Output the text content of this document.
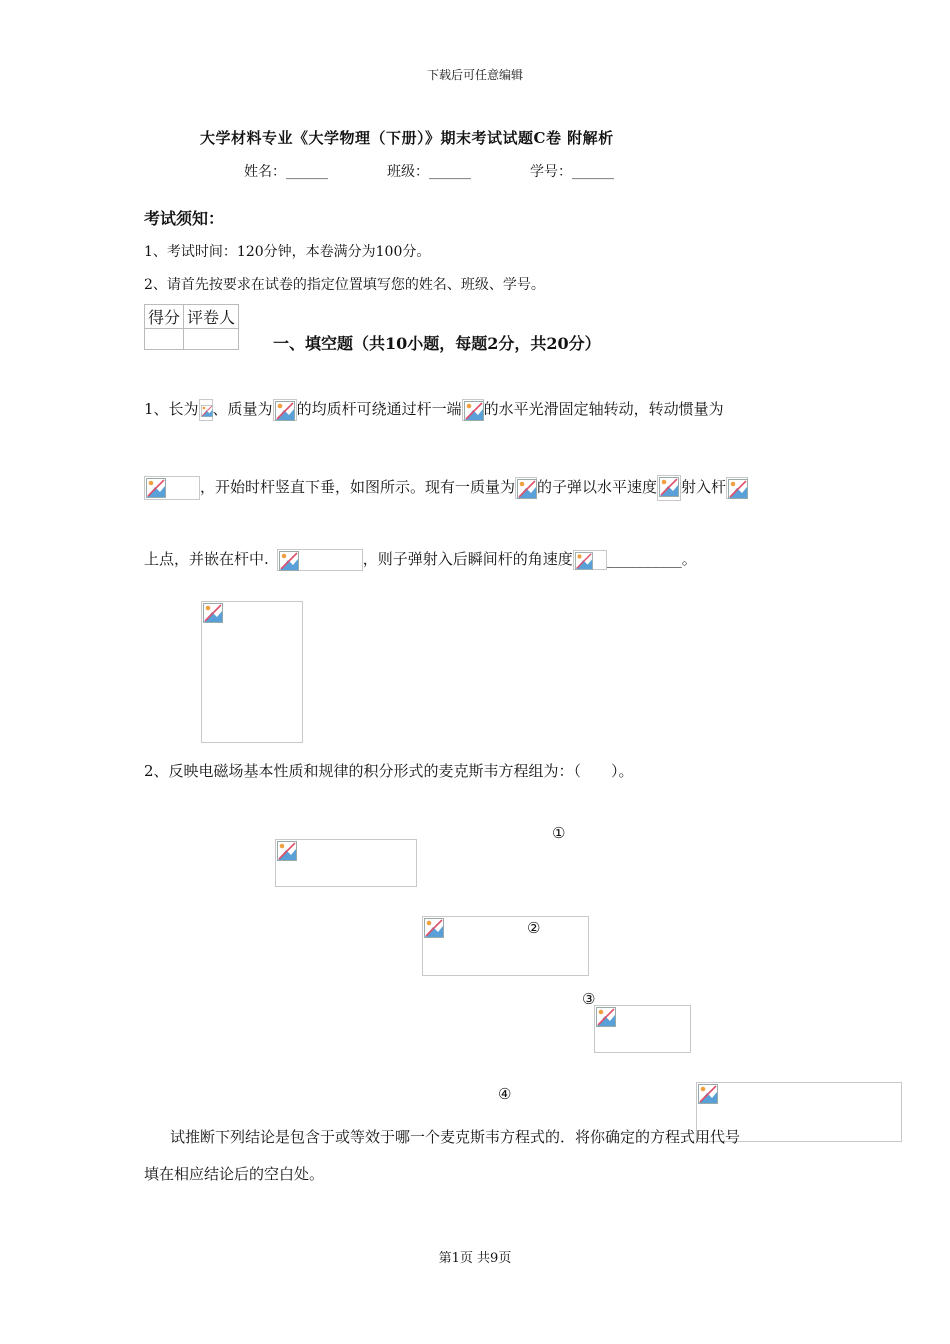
下载后可任意编辑
大学材料专业《大学物理（下册）》期末考试试题C卷 附解析
姓名：______	班级：______	学号：______
考试须知：
1、考试时间：120分钟，本卷满分为100分。
2、请首先按要求在试卷的指定位置填写您的姓名、班级、学号。
得分	评卷人

一、填空题（共10小题，每题2分，共20分）
1、长为 、质量为 的均质杆可绕通过杆一端 的水平光滑固定轴转动，转动惯量为
，开始时杆竖直下垂，如图所示。现有一质量为 的子弹以水平速度 射入杆
上点，并嵌在杆中.	，则子弹射入后瞬间杆的角速度 __________。

2、反映电磁场基本性质和规律的积分形式的麦克斯韦方程组为：（　　）。

①

②

③
④
试推断下列结论是包含于或等效于哪一个麦克斯韦方程式的．将你确定的方程式用代号
填在相应结论后的空白处。
第1页 共9页
